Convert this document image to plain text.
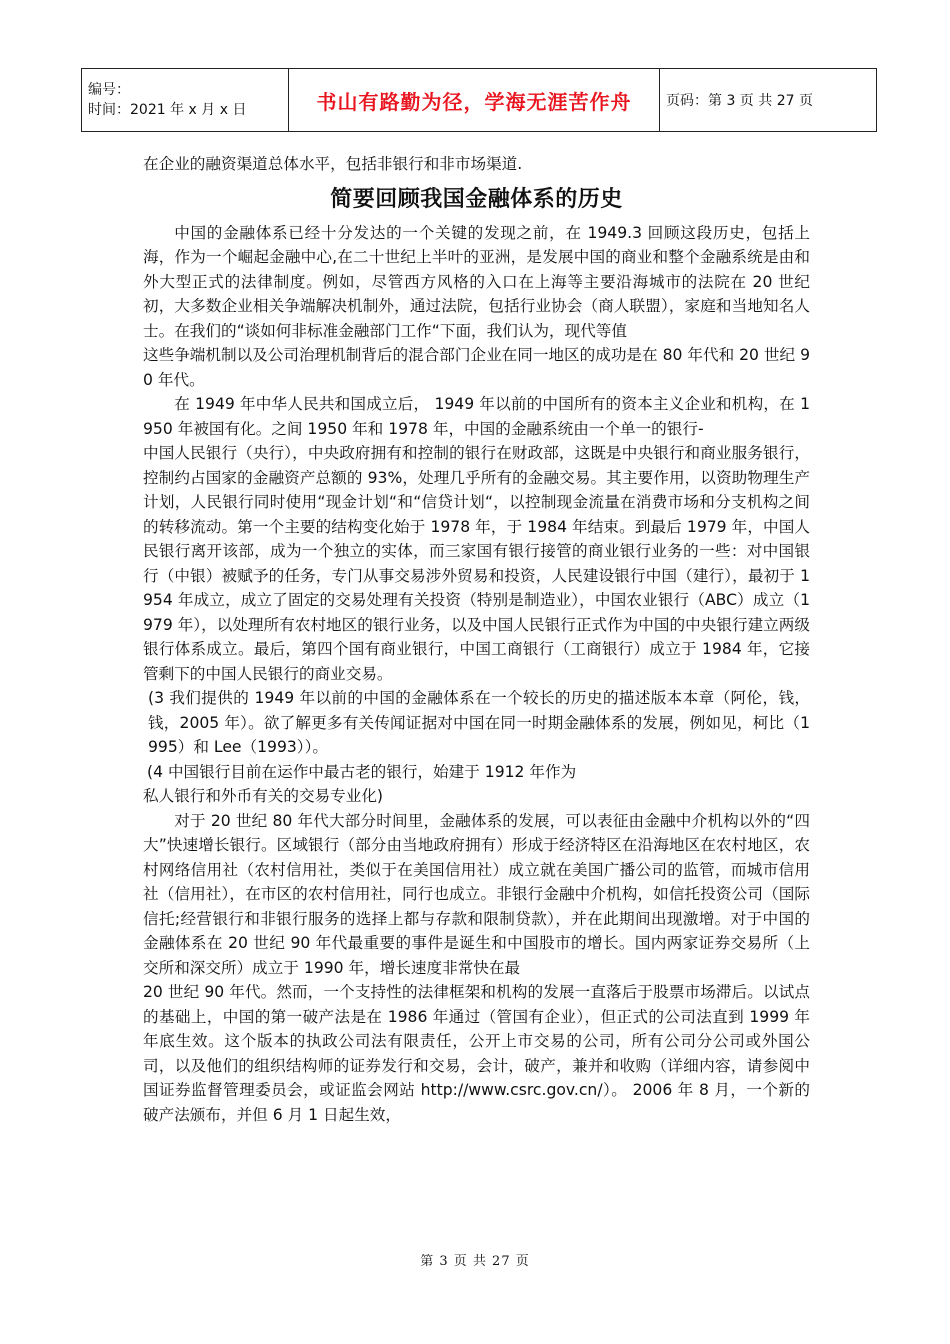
编号：
时间：2021 年 x 月 x 日	书山有路勤为径，学海无涯苦作舟	页码：第 3 页 共 27 页

在企业的融资渠道总体水平，包括非银行和非市场渠道.

简要回顾我国金融体系的历史

中国的金融体系已经十分发达的一个关键的发现之前，在 1949.3 回顾这段历史，包括上海，作为一个崛起金融中心,在二十世纪上半叶的亚洲，是发展中国的商业和整个金融系统是由和外大型正式的法律制度。例如，尽管西方风格的入口在上海等主要沿海城市的法院在 20 世纪初，大多数企业相关争端解决机制外，通过法院，包括行业协会（商人联盟），家庭和当地知名人士。在我们的“谈如何非标准金融部门工作“下面，我们认为，现代等值

这些争端机制以及公司治理机制背后的混合部门企业在同一地区的成功是在 80 年代和 20 世纪 90 年代。

在 1949 年中华人民共和国成立后， 1949 年以前的中国所有的资本主义企业和机构，在 1950 年被国有化。之间 1950 年和 1978 年，中国的金融系统由一个单一的银行-

中国人民银行（央行），中央政府拥有和控制的银行在财政部，这既是中央银行和商业服务银行，控制约占国家的金融资产总额的 93%，处理几乎所有的金融交易。其主要作用，以资助物理生产计划，人民银行同时使用“现金计划“和“信贷计划“，以控制现金流量在消费市场和分支机构之间的转移流动。第一个主要的结构变化始于 1978 年，于 1984 年结束。到最后 1979 年，中国人民银行离开该部，成为一个独立的实体，而三家国有银行接管的商业银行业务的一些：对中国银行（中银）被赋予的任务，专门从事交易涉外贸易和投资，人民建设银行中国（建行），最初于 1954 年成立，成立了固定的交易处理有关投资（特别是制造业），中国农业银行（ABC）成立（1979 年），以处理所有农村地区的银行业务，以及中国人民银行正式作为中国的中央银行建立两级银行体系成立。最后，第四个国有商业银行，中国工商银行（工商银行）成立于 1984 年，它接管剩下的中国人民银行的商业交易。

(3 我们提供的 1949 年以前的中国的金融体系在一个较长的历史的描述版本本章（阿伦，钱，钱，2005 年）。欲了解更多有关传闻证据对中国在同一时期金融体系的发展，例如见，柯比（1995）和 Lee（1993））。

(4 中国银行目前在运作中最古老的银行，始建于 1912 年作为

私人银行和外币有关的交易专业化)

对于 20 世纪 80 年代大部分时间里，金融体系的发展，可以表征由金融中介机构以外的“四大”快速增长银行。区域银行（部分由当地政府拥有）形成于经济特区在沿海地区在农村地区，农村网络信用社（农村信用社，类似于在美国信用社）成立就在美国广播公司的监管，而城市信用社（信用社），在市区的农村信用社，同行也成立。非银行金融中介机构，如信托投资公司（国际信托;经营银行和非银行服务的选择上都与存款和限制贷款），并在此期间出现激增。对于中国的金融体系在 20 世纪 90 年代最重要的事件是诞生和中国股市的增长。国内两家证券交易所（上交所和深交所）成立于 1990 年，增长速度非常快在最

20 世纪 90 年代。然而，一个支持性的法律框架和机构的发展一直落后于股票市场滞后。以试点的基础上，中国的第一破产法是在 1986 年通过（管国有企业），但正式的公司法直到 1999 年年底生效。这个版本的执政公司法有限责任，公开上市交易的公司，所有公司分公司或外国公司，以及他们的组织结构师的证券发行和交易，会计，破产，兼并和收购（详细内容，请参阅中国证券监督管理委员会，或证监会网站 http://www.csrc.gov.cn/）。 2006 年 8 月，一个新的破产法颁布，并但 6 月 1 日起生效，

第 3 页 共 27 页
